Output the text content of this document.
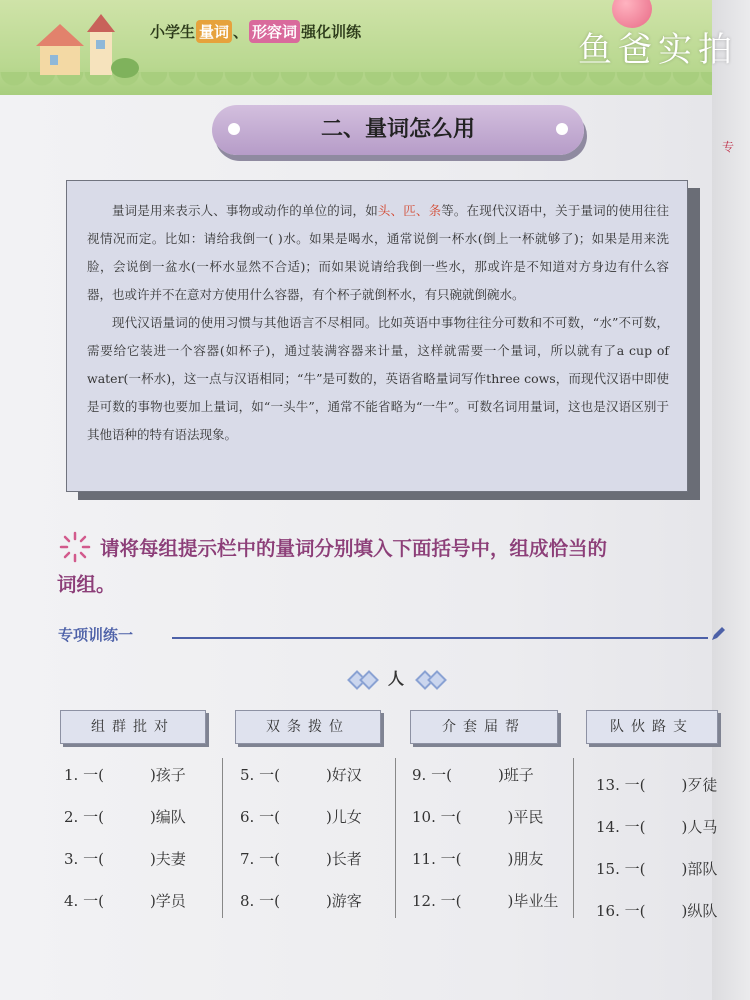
专
小学生 量词 、 形容词 强化训练	鱼爸实拍
二、量词怎么用

量词是用来表示人、事物或动作的单位的词，如头、匹、条等。在现代汉语中，关于量词的使用往往视情况而定。比如：请给我倒一( )水。如果是喝水，通常说倒一杯水(倒上一杯就够了)；如果是用来洗脸，会说倒一盆水(一杯水显然不合适)；而如果说请给我倒一些水，那或许是不知道对方身边有什么容器，也或许并不在意对方使用什么容器，有个杯子就倒杯水，有只碗就倒碗水。

现代汉语量词的使用习惯与其他语言不尽相同。比如英语中事物往往分可数和不可数，“水”不可数，需要给它装进一个容器(如杯子)，通过装满容器来计量，这样就需要一个量词，所以就有了a cup of water(一杯水)，这一点与汉语相同；“牛”是可数的，英语省略量词写作three cows，而现代汉语中即使是可数的事物也要加上量词，如“一头牛”，通常不能省略为“一牛”。可数名词用量词，这也是汉语区别于其他语种的特有语法现象。

请将每组提示栏中的量词分别填入下面括号中，组成恰当的
词组。
专项训练一
人
组群批对	双条拨位	介套届帮	队伙路支
1. 一(	)孩子
2. 一(	)编队
3. 一(	)夫妻
4. 一(	)学员
5. 一(	)好汉
6. 一(	)儿女
7. 一(	)长者
8. 一(	)游客
9. 一(	)班子
10. 一(	)平民
11. 一(	)朋友
12. 一(	)毕业生
13. 一( )歹徒
14. 一( )人马
15. 一( )部队
16. 一( )纵队
